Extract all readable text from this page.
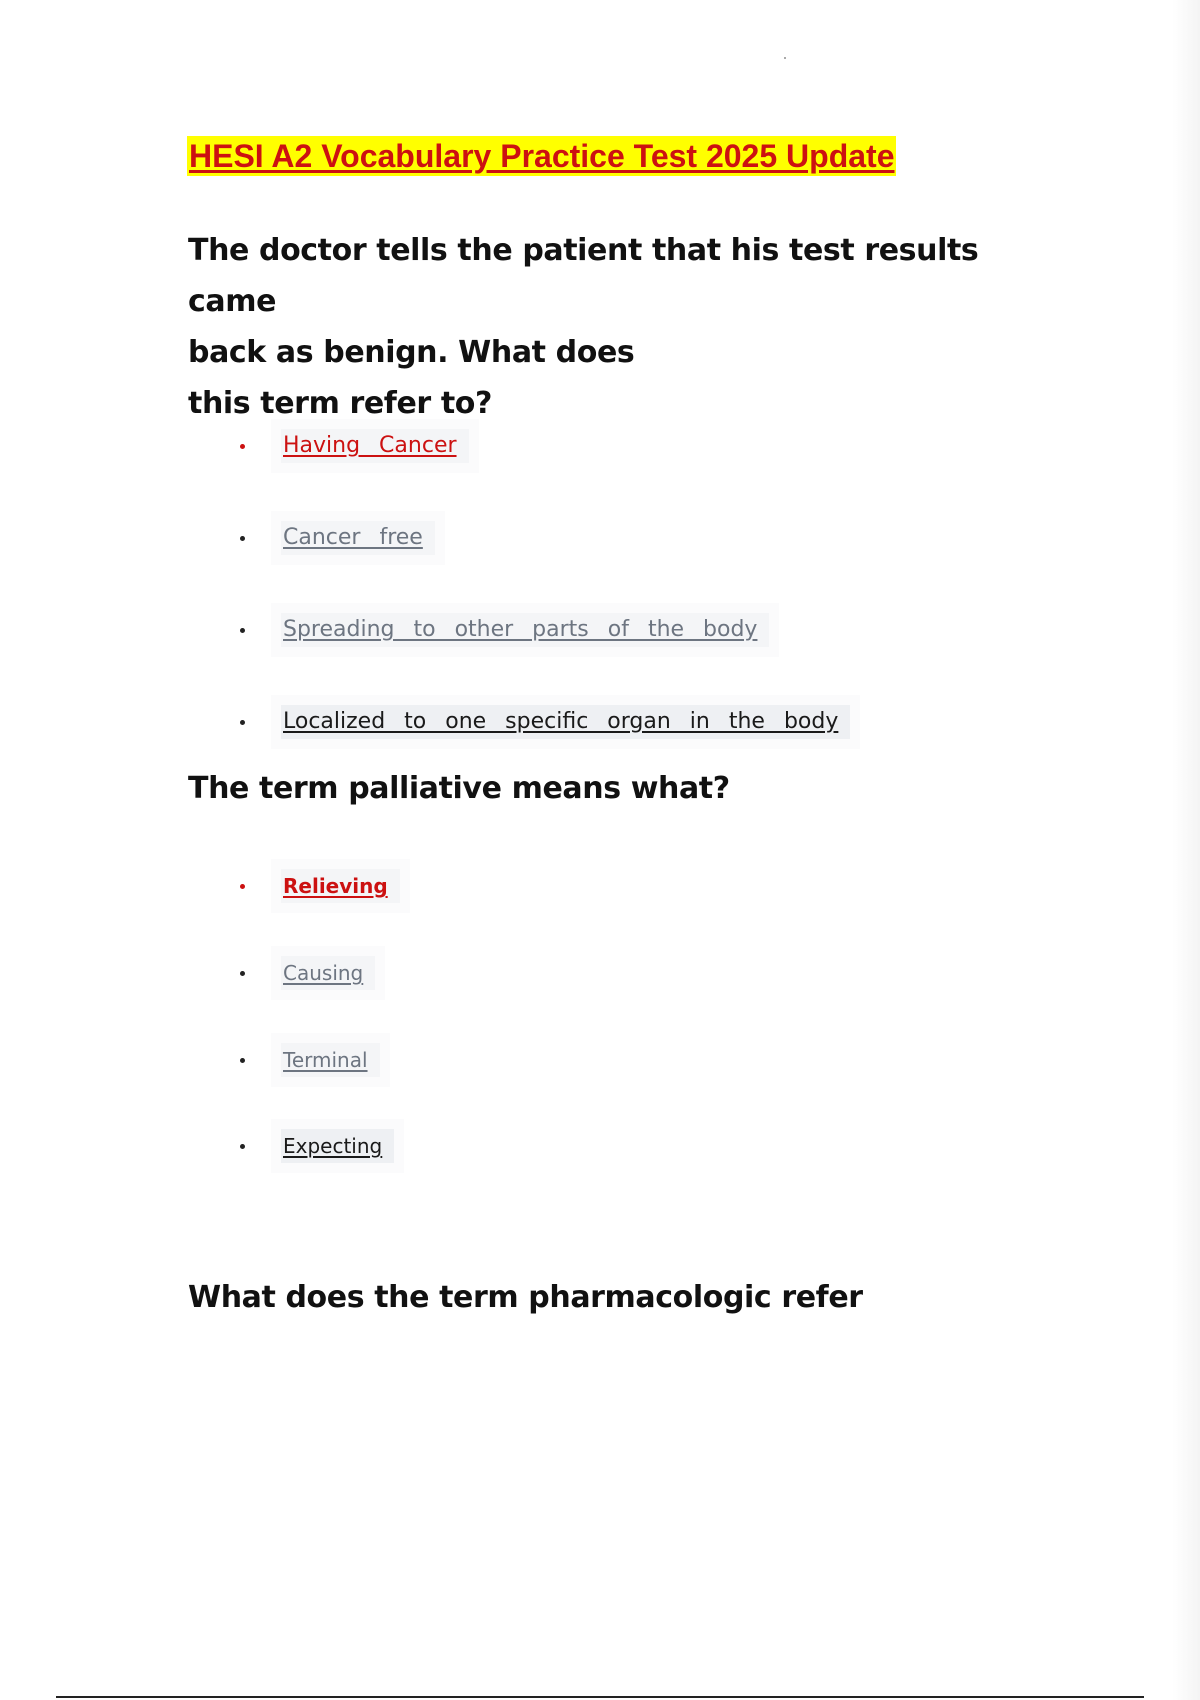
HESI A2 Vocabulary Practice Test 2025 Update
The doctor tells the patient that his test results came
back as benign. What does
this term refer to?
Having Cancer
Cancer free
Spreading to other parts of the body
Localized to one specific organ in the body
The term palliative means what?
Relieving
Causing
Terminal
Expecting
What does the term pharmacologic refer
